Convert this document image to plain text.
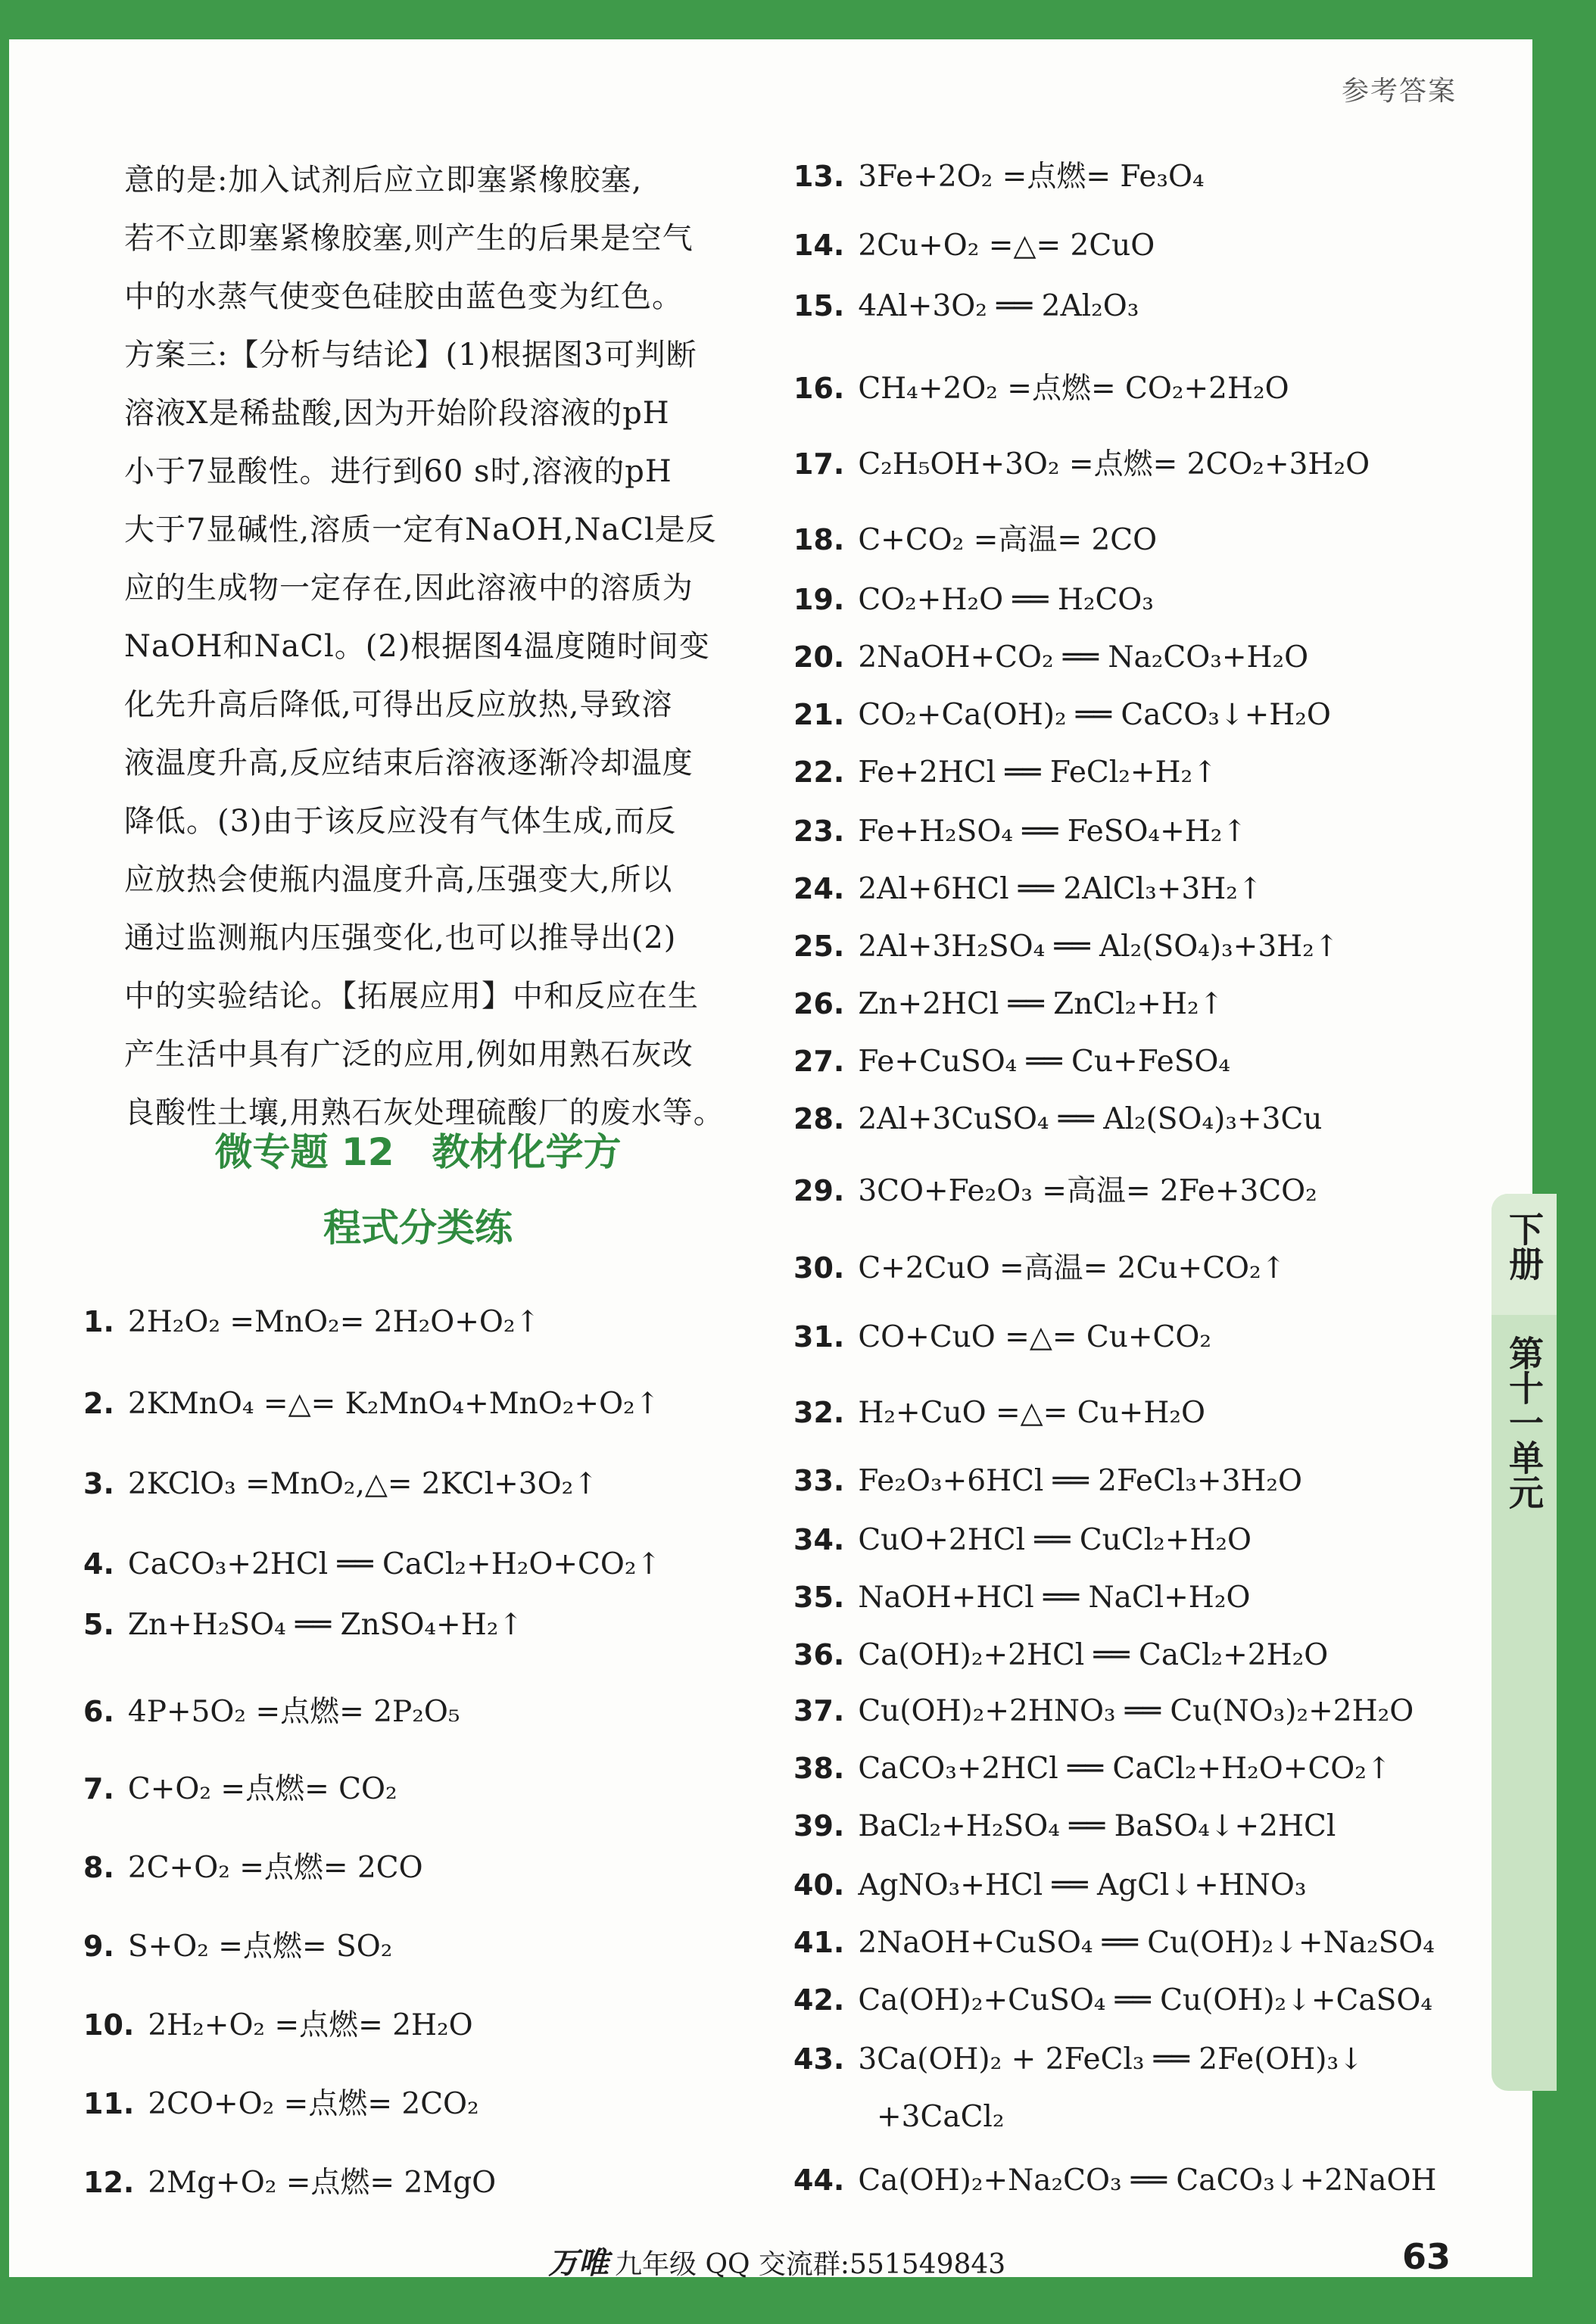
参考答案

意的是:加入试剂后应立即塞紧橡胶塞,

若不立即塞紧橡胶塞,则产生的后果是空气

中的水蒸气使变色硅胶由蓝色变为红色。

方案三:【分析与结论】(1)根据图3可判断

溶液X是稀盐酸,因为开始阶段溶液的pH

小于7显酸性。进行到60 s时,溶液的pH

大于7显碱性,溶质一定有NaOH,NaCl是反

应的生成物一定存在,因此溶液中的溶质为

NaOH和NaCl。(2)根据图4温度随时间变

化先升高后降低,可得出反应放热,导致溶

液温度升高,反应结束后溶液逐渐冷却温度

降低。(3)由于该反应没有气体生成,而反

应放热会使瓶内温度升高,压强变大,所以

通过监测瓶内压强变化,也可以推导出(2)

中的实验结论。【拓展应用】中和反应在生

产生活中具有广泛的应用,例如用熟石灰改

良酸性土壤,用熟石灰处理硫酸厂的废水等。

微专题 12　教材化学方
程式分类练
1. 2H₂O₂ =MnO₂= 2H₂O+O₂↑
2. 2KMnO₄ =△= K₂MnO₄+MnO₂+O₂↑
3. 2KClO₃ =MnO₂,△= 2KCl+3O₂↑
4. CaCO₃+2HCl ══ CaCl₂+H₂O+CO₂↑
5. Zn+H₂SO₄ ══ ZnSO₄+H₂↑
6. 4P+5O₂ =点燃= 2P₂O₅
7. C+O₂ =点燃= CO₂
8. 2C+O₂ =点燃= 2CO
9. S+O₂ =点燃= SO₂
10. 2H₂+O₂ =点燃= 2H₂O
11. 2CO+O₂ =点燃= 2CO₂
12. 2Mg+O₂ =点燃= 2MgO
13. 3Fe+2O₂ =点燃= Fe₃O₄
14. 2Cu+O₂ =△= 2CuO
15. 4Al+3O₂ ══ 2Al₂O₃
16. CH₄+2O₂ =点燃= CO₂+2H₂O
17. C₂H₅OH+3O₂ =点燃= 2CO₂+3H₂O
18. C+CO₂ =高温= 2CO
19. CO₂+H₂O ══ H₂CO₃
20. 2NaOH+CO₂ ══ Na₂CO₃+H₂O
21. CO₂+Ca(OH)₂ ══ CaCO₃↓+H₂O
22. Fe+2HCl ══ FeCl₂+H₂↑
23. Fe+H₂SO₄ ══ FeSO₄+H₂↑
24. 2Al+6HCl ══ 2AlCl₃+3H₂↑
25. 2Al+3H₂SO₄ ══ Al₂(SO₄)₃+3H₂↑
26. Zn+2HCl ══ ZnCl₂+H₂↑
27. Fe+CuSO₄ ══ Cu+FeSO₄
28. 2Al+3CuSO₄ ══ Al₂(SO₄)₃+3Cu
29. 3CO+Fe₂O₃ =高温= 2Fe+3CO₂
30. C+2CuO =高温= 2Cu+CO₂↑
31. CO+CuO =△= Cu+CO₂
32. H₂+CuO =△= Cu+H₂O
33. Fe₂O₃+6HCl ══ 2FeCl₃+3H₂O
34. CuO+2HCl ══ CuCl₂+H₂O
35. NaOH+HCl ══ NaCl+H₂O
36. Ca(OH)₂+2HCl ══ CaCl₂+2H₂O
37. Cu(OH)₂+2HNO₃ ══ Cu(NO₃)₂+2H₂O
38. CaCO₃+2HCl ══ CaCl₂+H₂O+CO₂↑
39. BaCl₂+H₂SO₄ ══ BaSO₄↓+2HCl
40. AgNO₃+HCl ══ AgCl↓+HNO₃
41. 2NaOH+CuSO₄ ══ Cu(OH)₂↓+Na₂SO₄
42. Ca(OH)₂+CuSO₄ ══ Cu(OH)₂↓+CaSO₄
43. 3Ca(OH)₂ + 2FeCl₃ ══ 2Fe(OH)₃↓
+3CaCl₂
44. Ca(OH)₂+Na₂CO₃ ══ CaCO₃↓+2NaOH
下册
第十一单元
万唯 九年级 QQ 交流群:551549843	63
